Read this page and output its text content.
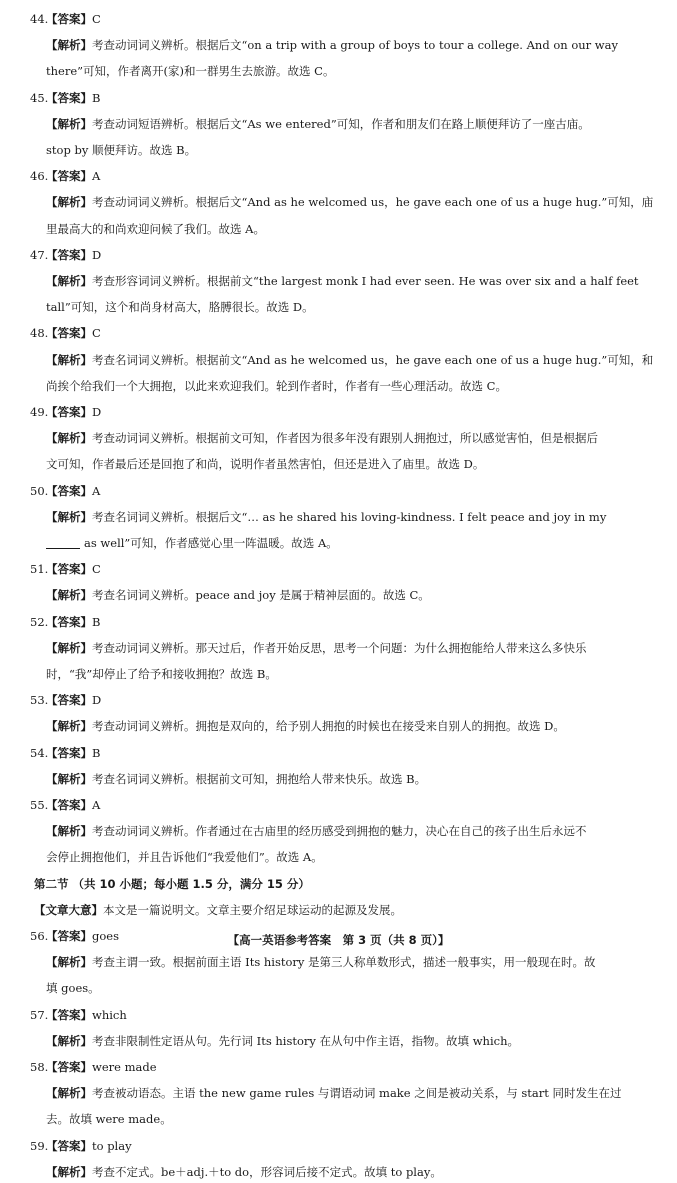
44.【答案】C
【解析】考查动词词义辨析。根据后文“on a trip with a group of boys to tour a college. And on our way
there”可知，作者离开(家)和一群男生去旅游。故选 C。
45.【答案】B
【解析】考查动词短语辨析。根据后文“As we entered”可知，作者和朋友们在路上顺便拜访了一座古庙。
stop by 顺便拜访。故选 B。
46.【答案】A
【解析】考查动词词义辨析。根据后文“And as he welcomed us，he gave each one of us a huge hug.”可知，庙
里最高大的和尚欢迎问候了我们。故选 A。
47.【答案】D
【解析】考查形容词词义辨析。根据前文“the largest monk I had ever seen. He was over six and a half feet
tall”可知，这个和尚身材高大，胳膊很长。故选 D。
48.【答案】C
【解析】考查名词词义辨析。根据前文“And as he welcomed us，he gave each one of us a huge hug.”可知，和
尚挨个给我们一个大拥抱，以此来欢迎我们。轮到作者时，作者有一些心理活动。故选 C。
49.【答案】D
【解析】考查动词词义辨析。根据前文可知，作者因为很多年没有跟别人拥抱过，所以感觉害怕，但是根据后
文可知，作者最后还是回抱了和尚，说明作者虽然害怕，但还是进入了庙里。故选 D。
50.【答案】A
【解析】考查名词词义辨析。根据后文“… as he shared his loving-kindness. I felt peace and joy in my
as well”可知，作者感觉心里一阵温暖。故选 A。
51.【答案】C
【解析】考查名词词义辨析。peace and joy 是属于精神层面的。故选 C。
52.【答案】B
【解析】考查动词词义辨析。那天过后，作者开始反思，思考一个问题：为什么拥抱能给人带来这么多快乐
时，“我”却停止了给予和接收拥抱？故选 B。
53.【答案】D
【解析】考查动词词义辨析。拥抱是双向的，给予别人拥抱的时候也在接受来自别人的拥抱。故选 D。
54.【答案】B
【解析】考查名词词义辨析。根据前文可知，拥抱给人带来快乐。故选 B。
55.【答案】A
【解析】考查动词词义辨析。作者通过在古庙里的经历感受到拥抱的魅力，决心在自己的孩子出生后永远不
会停止拥抱他们，并且告诉他们“我爱他们”。故选 A。
第二节 （共 10 小题；每小题 1.5 分，满分 15 分）
【文章大意】本文是一篇说明文。文章主要介绍足球运动的起源及发展。
56.【答案】goes
【解析】考查主谓一致。根据前面主语 Its history 是第三人称单数形式，描述一般事实，用一般现在时。故
填 goes。
57.【答案】which
【解析】考查非限制性定语从句。先行词 Its history 在从句中作主语，指物。故填 which。
58.【答案】were made
【解析】考查被动语态。主语 the new game rules 与谓语动词 make 之间是被动关系，与 start 同时发生在过
去。故填 were made。
59.【答案】to play
【解析】考查不定式。be＋adj.＋to do，形容词后接不定式。故填 to play。
【高一英语参考答案　第 3 页（共 8 页）】
